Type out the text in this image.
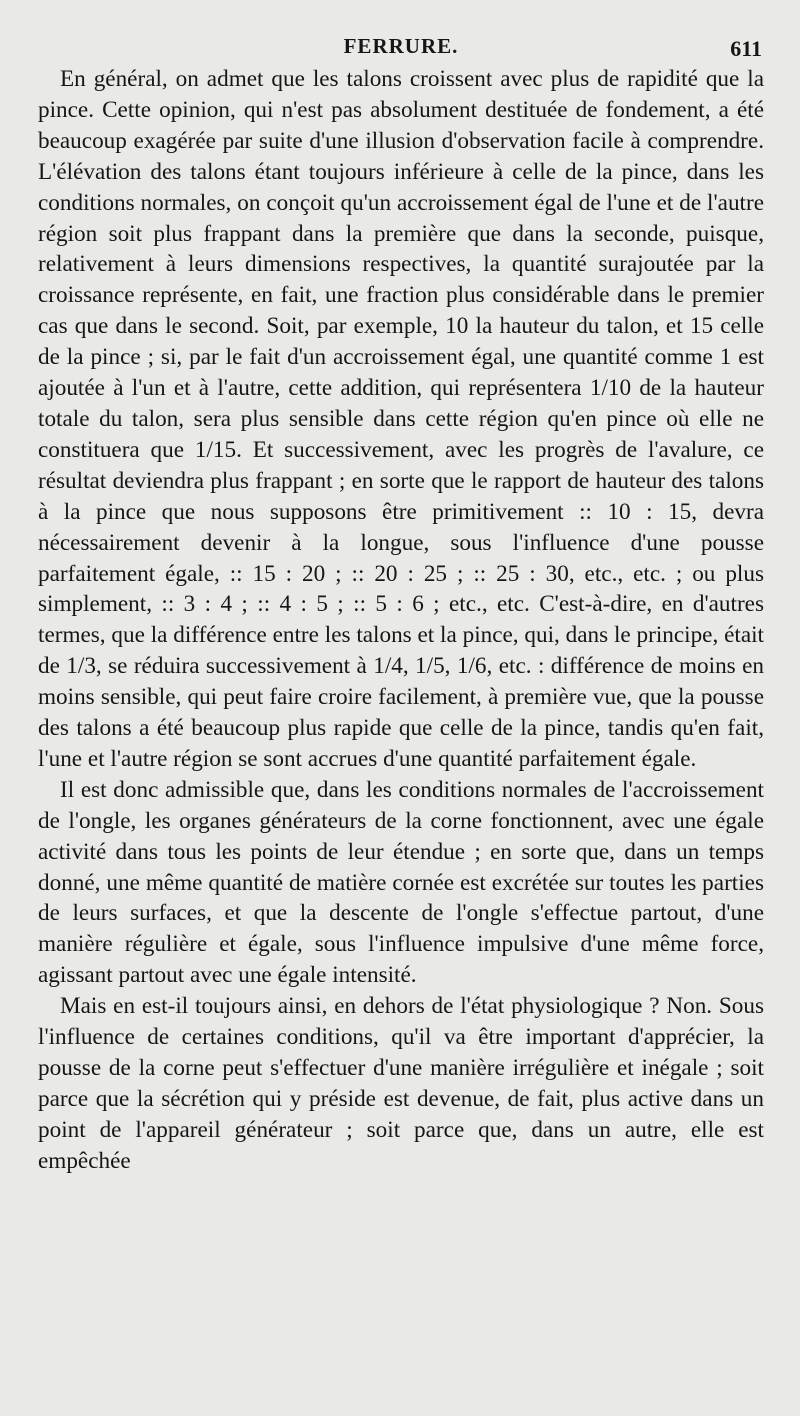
FERRURE.	611

En général, on admet que les talons croissent avec plus de rapidité que la pince. Cette opinion, qui n'est pas absolument destituée de fondement, a été beaucoup exagérée par suite d'une illusion d'observation facile à comprendre. L'élévation des talons étant toujours inférieure à celle de la pince, dans les conditions normales, on conçoit qu'un accroissement égal de l'une et de l'autre région soit plus frappant dans la première que dans la seconde, puisque, relativement à leurs dimensions respectives, la quantité surajoutée par la croissance représente, en fait, une fraction plus considérable dans le premier cas que dans le second. Soit, par exemple, 10 la hauteur du talon, et 15 celle de la pince ; si, par le fait d'un accroissement égal, une quantité comme 1 est ajoutée à l'un et à l'autre, cette addition, qui représentera 1/10 de la hauteur totale du talon, sera plus sensible dans cette région qu'en pince où elle ne constituera que 1/15. Et successivement, avec les progrès de l'avalure, ce résultat deviendra plus frappant ; en sorte que le rapport de hauteur des talons à la pince que nous supposons être primitivement :: 10 : 15, devra nécessairement devenir à la longue, sous l'influence d'une pousse parfaitement égale, :: 15 : 20 ; :: 20 : 25 ; :: 25 : 30, etc., etc. ; ou plus simplement, :: 3 : 4 ; :: 4 : 5 ; :: 5 : 6 ; etc., etc. C'est-à-dire, en d'autres termes, que la différence entre les talons et la pince, qui, dans le principe, était de 1/3, se réduira successivement à 1/4, 1/5, 1/6, etc. : différence de moins en moins sensible, qui peut faire croire facilement, à première vue, que la pousse des talons a été beaucoup plus rapide que celle de la pince, tandis qu'en fait, l'une et l'autre région se sont accrues d'une quantité parfaitement égale.

Il est donc admissible que, dans les conditions normales de l'accroissement de l'ongle, les organes générateurs de la corne fonctionnent, avec une égale activité dans tous les points de leur étendue ; en sorte que, dans un temps donné, une même quantité de matière cornée est excrétée sur toutes les parties de leurs surfaces, et que la descente de l'ongle s'effectue partout, d'une manière régulière et égale, sous l'influence impulsive d'une même force, agissant partout avec une égale intensité.

Mais en est-il toujours ainsi, en dehors de l'état physiologique ? Non. Sous l'influence de certaines conditions, qu'il va être important d'apprécier, la pousse de la corne peut s'effectuer d'une manière irrégulière et inégale ; soit parce que la sécrétion qui y préside est devenue, de fait, plus active dans un point de l'appareil générateur ; soit parce que, dans un autre, elle est empêchée
